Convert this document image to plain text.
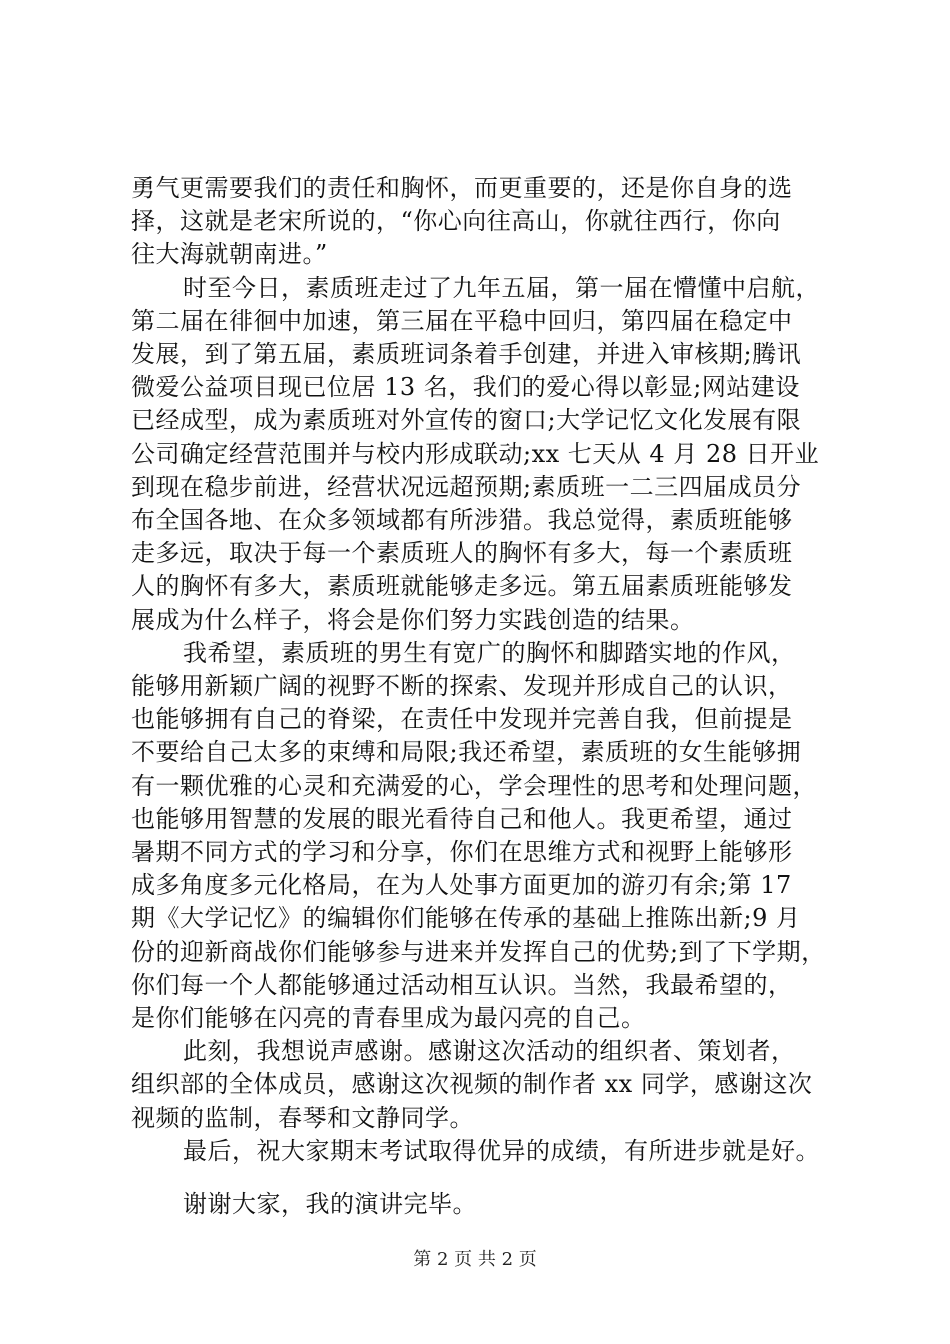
勇气更需要我们的责任和胸怀，而更重要的，还是你自身的选
择，这就是老宋所说的，“你心向往高山，你就往西行，你向
往大海就朝南进。”
时至今日，素质班走过了九年五届，第一届在懵懂中启航，
第二届在徘徊中加速，第三届在平稳中回归，第四届在稳定中
发展，到了第五届，素质班词条着手创建，并进入审核期;腾讯
微爱公益项目现已位居 13 名，我们的爱心得以彰显;网站建设
已经成型，成为素质班对外宣传的窗口;大学记忆文化发展有限
公司确定经营范围并与校内形成联动;xx 七天从 4 月 28 日开业
到现在稳步前进，经营状况远超预期;素质班一二三四届成员分
布全国各地、在众多领域都有所涉猎。我总觉得，素质班能够
走多远，取决于每一个素质班人的胸怀有多大，每一个素质班
人的胸怀有多大，素质班就能够走多远。第五届素质班能够发
展成为什么样子，将会是你们努力实践创造的结果。
我希望，素质班的男生有宽广的胸怀和脚踏实地的作风，
能够用新颖广阔的视野不断的探索、发现并形成自己的认识，
也能够拥有自己的脊梁，在责任中发现并完善自我，但前提是
不要给自己太多的束缚和局限;我还希望，素质班的女生能够拥
有一颗优雅的心灵和充满爱的心，学会理性的思考和处理问题，
也能够用智慧的发展的眼光看待自己和他人。我更希望，通过
暑期不同方式的学习和分享，你们在思维方式和视野上能够形
成多角度多元化格局，在为人处事方面更加的游刃有余;第 17
期《大学记忆》的编辑你们能够在传承的基础上推陈出新;9 月
份的迎新商战你们能够参与进来并发挥自己的优势;到了下学期，
你们每一个人都能够通过活动相互认识。当然，我最希望的，
是你们能够在闪亮的青春里成为最闪亮的自己。
此刻，我想说声感谢。感谢这次活动的组织者、策划者，
组织部的全体成员，感谢这次视频的制作者 xx 同学，感谢这次
视频的监制，春琴和文静同学。
最后，祝大家期末考试取得优异的成绩，有所进步就是好。
谢谢大家，我的演讲完毕。
第 2 页 共 2 页
